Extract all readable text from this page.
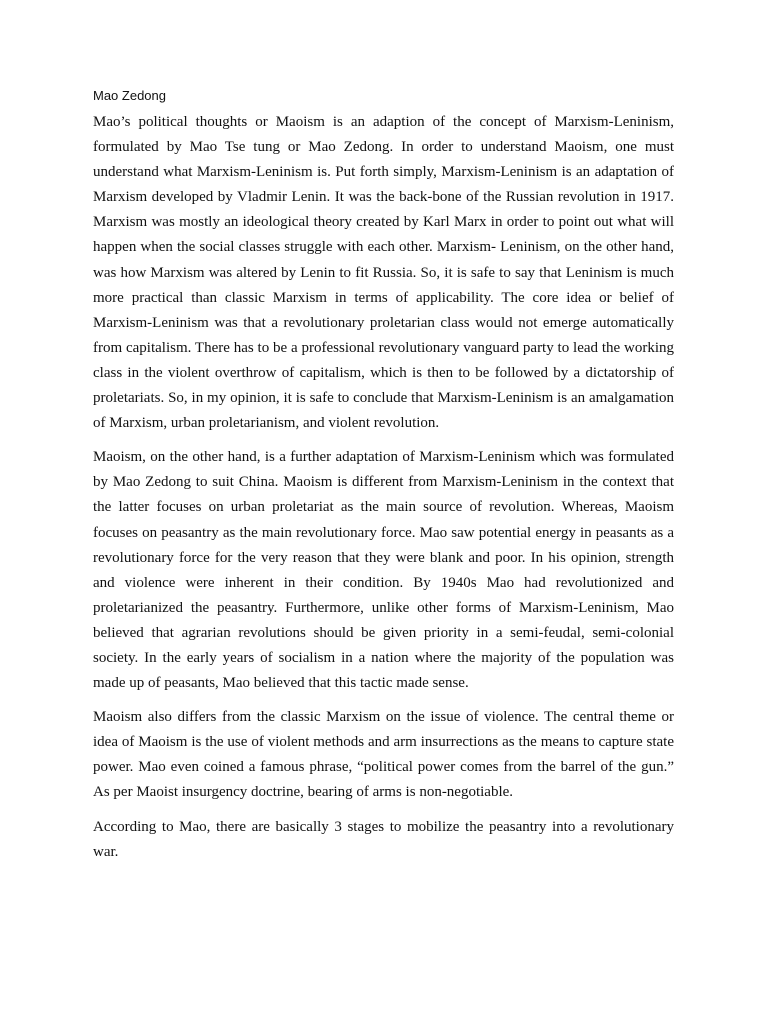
Mao Zedong

Mao’s political thoughts or Maoism is an adaption of the concept of Marxism-Leninism, formulated by Mao Tse tung or Mao Zedong. In order to understand Maoism, one must understand what Marxism-Leninism is. Put forth simply, Marxism-Leninism is an adaptation of Marxism developed by Vladmir Lenin. It was the back-bone of the Russian revolution in 1917. Marxism was mostly an ideological theory created by Karl Marx in order to point out what will happen when the social classes struggle with each other. Marxism- Leninism, on the other hand, was how Marxism was altered by Lenin to fit Russia. So, it is safe to say that Leninism is much more practical than classic Marxism in terms of applicability. The core idea or belief of Marxism-Leninism was that a revolutionary proletarian class would not emerge automatically from capitalism. There has to be a professional revolutionary vanguard party to lead the working class in the violent overthrow of capitalism, which is then to be followed by a dictatorship of proletariats. So, in my opinion, it is safe to conclude that Marxism-Leninism is an amalgamation of Marxism, urban proletarianism, and violent revolution.

Maoism, on the other hand, is a further adaptation of Marxism-Leninism which was formulated by Mao Zedong to suit China. Maoism is different from Marxism-Leninism in the context that the latter focuses on urban proletariat as the main source of revolution. Whereas, Maoism focuses on peasantry as the main revolutionary force. Mao saw potential energy in peasants as a revolutionary force for the very reason that they were blank and poor. In his opinion, strength and violence were inherent in their condition. By 1940s Mao had revolutionized and proletarianized the peasantry. Furthermore, unlike other forms of Marxism-Leninism, Mao believed that agrarian revolutions should be given priority in a semi-feudal, semi-colonial society. In the early years of socialism in a nation where the majority of the population was made up of peasants, Mao believed that this tactic made sense.

Maoism also differs from the classic Marxism on the issue of violence. The central theme or idea of Maoism is the use of violent methods and arm insurrections as the means to capture state power. Mao even coined a famous phrase, “political power comes from the barrel of the gun.” As per Maoist insurgency doctrine, bearing of arms is non-negotiable.

According to Mao, there are basically 3 stages to mobilize the peasantry into a revolutionary war.
